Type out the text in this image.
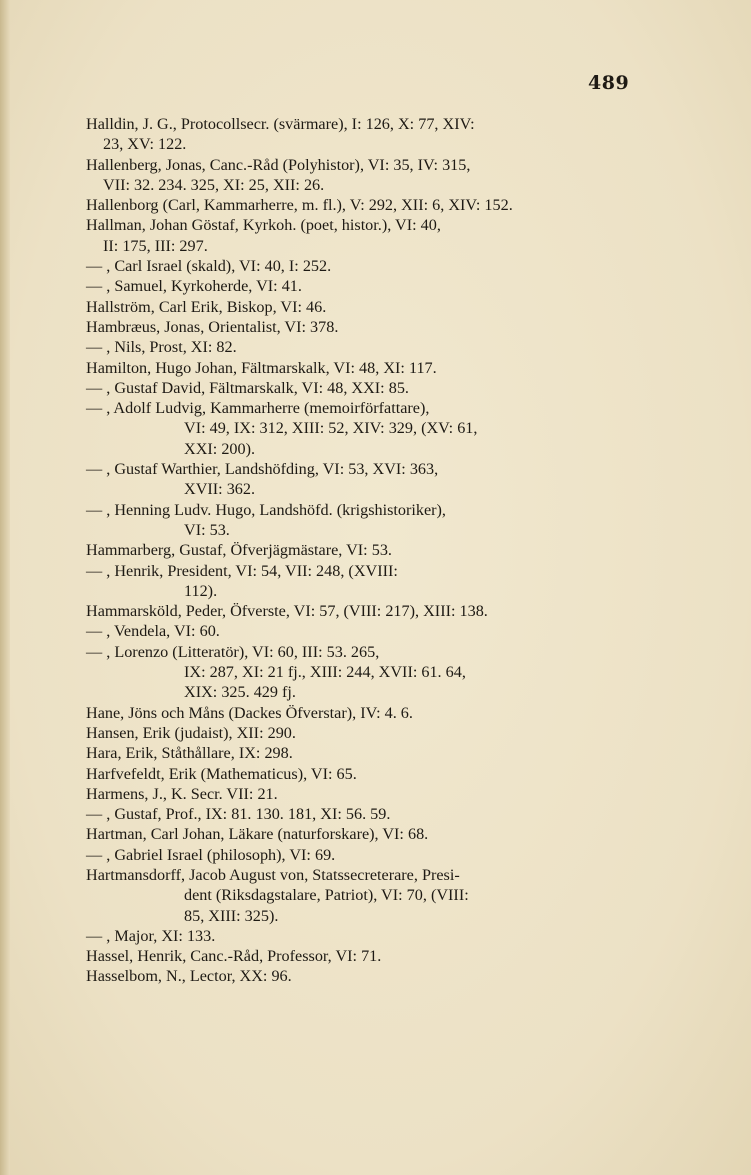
489
Halldin, J. G., Protocollsecr. (svärmare), I: 126, X: 77, XIV:
23, XV: 122.
Hallenberg, Jonas, Canc.-Råd (Polyhistor), VI: 35, IV: 315,
VII: 32. 234. 325, XI: 25, XII: 26.
Hallenborg (Carl, Kammarherre, m. fl.), V: 292, XII: 6, XIV: 152.
Hallman, Johan Göstaf, Kyrkoh. (poet, histor.), VI: 40,
II: 175, III: 297.
— , Carl Israel (skald), VI: 40, I: 252.
— , Samuel, Kyrkoherde, VI: 41.
Hallström, Carl Erik, Biskop, VI: 46.
Hambræus, Jonas, Orientalist, VI: 378.
— , Nils, Prost, XI: 82.
Hamilton, Hugo Johan, Fältmarskalk, VI: 48, XI: 117.
— , Gustaf David, Fältmarskalk, VI: 48, XXI: 85.
— , Adolf Ludvig, Kammarherre (memoirförfattare),
VI: 49, IX: 312, XIII: 52, XIV: 329, (XV: 61,
XXI: 200).
— , Gustaf Warthier, Landshöfding, VI: 53, XVI: 363,
XVII: 362.
— , Henning Ludv. Hugo, Landshöfd. (krigshistoriker),
VI: 53.
Hammarberg, Gustaf, Öfverjägmästare, VI: 53.
— , Henrik, President, VI: 54, VII: 248, (XVIII:
112).
Hammarsköld, Peder, Öfverste, VI: 57, (VIII: 217), XIII: 138.
— , Vendela, VI: 60.
— , Lorenzo (Litteratör), VI: 60, III: 53. 265,
IX: 287, XI: 21 fj., XIII: 244, XVII: 61. 64,
XIX: 325. 429 fj.
Hane, Jöns och Måns (Dackes Öfverstar), IV: 4. 6.
Hansen, Erik (judaist), XII: 290.
Hara, Erik, Ståthållare, IX: 298.
Harfvefeldt, Erik (Mathematicus), VI: 65.
Harmens, J., K. Secr. VII: 21.
— , Gustaf, Prof., IX: 81. 130. 181, XI: 56. 59.
Hartman, Carl Johan, Läkare (naturforskare), VI: 68.
— , Gabriel Israel (philosoph), VI: 69.
Hartmansdorff, Jacob August von, Statssecreterare, Presi-
dent (Riksdagstalare, Patriot), VI: 70, (VIII:
85, XIII: 325).
— , Major, XI: 133.
Hassel, Henrik, Canc.-Råd, Professor, VI: 71.
Hasselbom, N., Lector, XX: 96.
